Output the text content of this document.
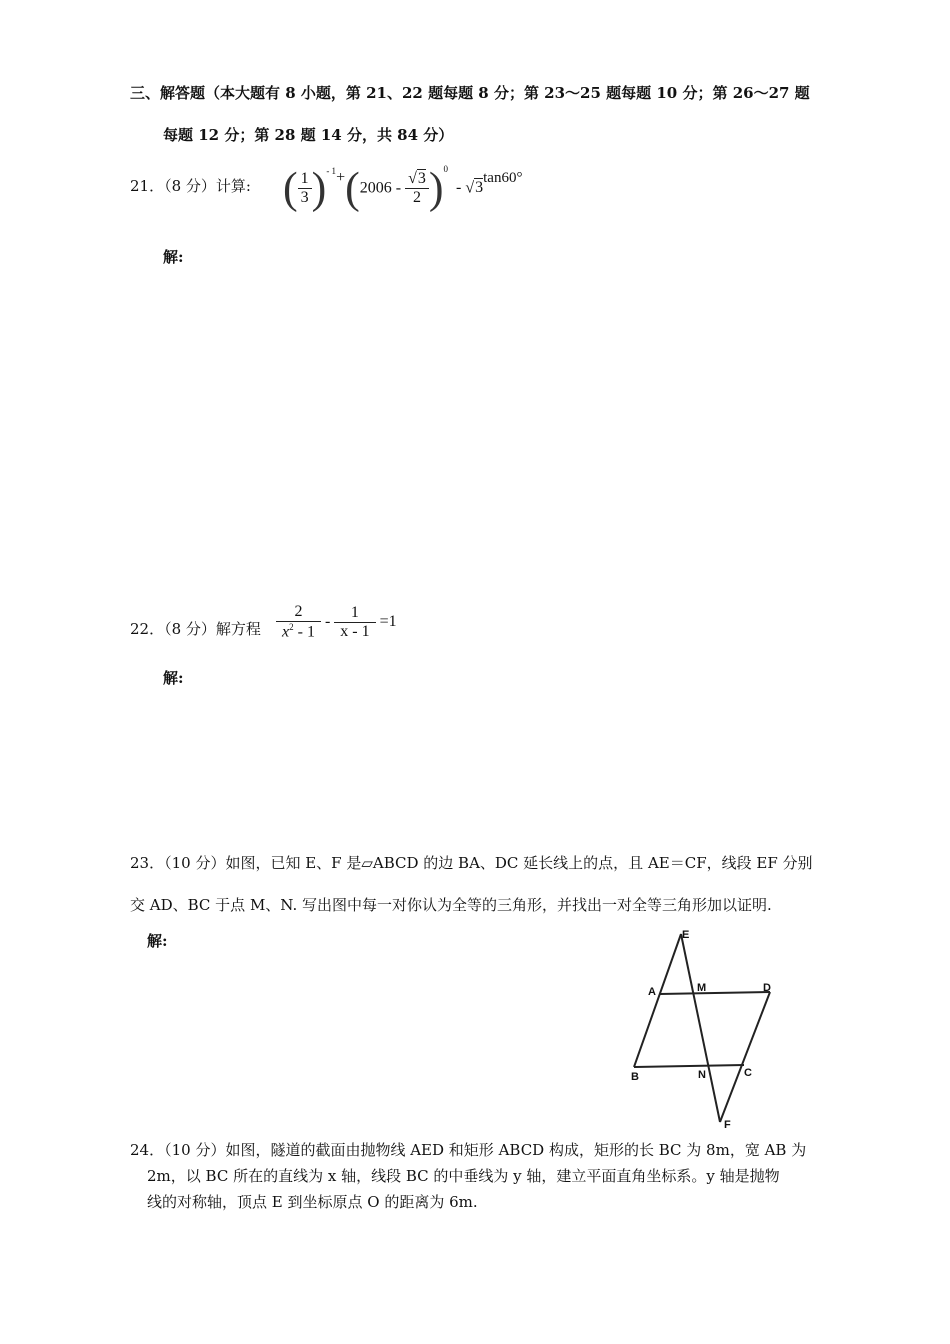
三、解答题（本大题有 8 小题，第 21、22 题每题 8 分；第 23～25 题每题 10 分；第 26～27 题
每题 12 分；第 28 题 14 分，共 84 分）
21．（8 分）计算: ( $\frac{1}{3} )^{- 1}+(2006 - \frac{√3}{2} )^0 - √3\tan 60^\circ$
解:
22．（8 分）解方程 $\frac{2}{x^2 - 1} - \frac{1}{x - 1} =1$
解:
23．（10 分）如图，已知 E、F 是▱ABCD 的边 BA、DC 延长线上的点，且 AE＝CF，线段 EF 分别
交 AD、BC 于点 M、N. 写出图中每一对你认为全等的三角形，并找出一对全等三角形加以证明.
解:	E
A	M	D
B	N	C
F
24．（10 分）如图，隧道的截面由抛物线 AED 和矩形 ABCD 构成，矩形的长 BC 为 8m，宽 AB 为
2m，以 BC 所在的直线为 x 轴，线段 BC 的中垂线为 y 轴，建立平面直角坐标系。y 轴是抛物
线的对称轴，顶点 E 到坐标原点 O 的距离为 6m.
